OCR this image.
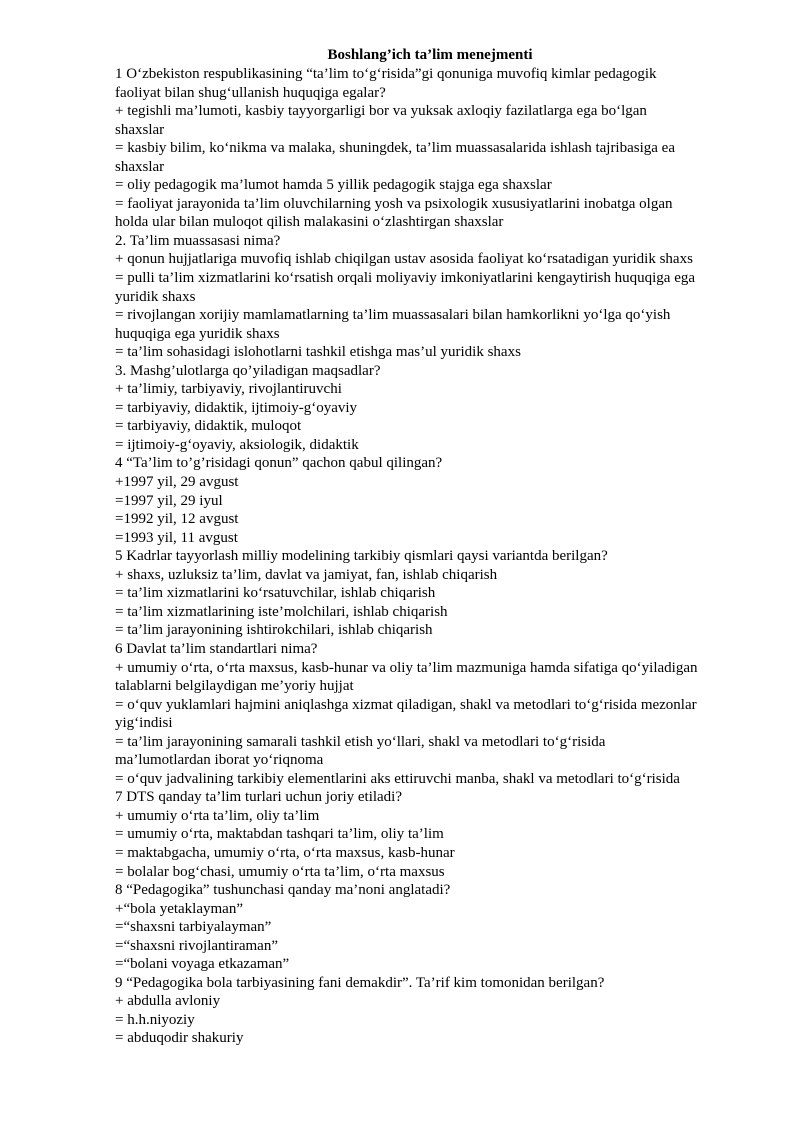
Boshlang’ich ta’lim menejmenti

1 O‘zbekiston respublikasining “ta’lim to‘g‘risida”gi qonuniga muvofiq kimlar pedagogik

faoliyat bilan shug‘ullanish huquqiga egalar?

+ tegishli ma’lumoti, kasbiy tayyorgarligi bor va yuksak axloqiy fazilatlarga ega bo‘lgan

shaxslar

= kasbiy bilim, ko‘nikma va malaka, shuningdek, ta’lim muassasalarida ishlash tajribasiga ea

shaxslar

= oliy pedagogik ma’lumot hamda 5 yillik pedagogik stajga ega shaxslar

= faoliyat jarayonida ta’lim oluvchilarning yosh va psixologik xususiyatlarini inobatga olgan

holda ular bilan muloqot qilish malakasini o‘zlashtirgan shaxslar

2. Ta’lim muassasasi nima?

+ qonun hujjatlariga muvofiq ishlab chiqilgan ustav asosida faoliyat ko‘rsatadigan yuridik shaxs

= pulli ta’lim xizmatlarini ko‘rsatish orqali moliyaviy imkoniyatlarini kengaytirish huquqiga ega

yuridik shaxs

= rivojlangan xorijiy mamlamatlarning ta’lim muassasalari bilan hamkorlikni yo‘lga qo‘yish

huquqiga ega yuridik shaxs

= ta’lim sohasidagi islohotlarni tashkil etishga mas’ul yuridik shaxs

3. Mashg’ulotlarga qo’yiladigan maqsadlar?

+ ta’limiy, tarbiyaviy, rivojlantiruvchi

= tarbiyaviy, didaktik, ijtimoiy-g‘oyaviy

= tarbiyaviy, didaktik, muloqot

= ijtimoiy-g‘oyaviy, aksiologik, didaktik

4 “Ta’lim to’g’risidagi qonun” qachon qabul qilingan?

+1997 yil, 29 avgust

=1997 yil, 29 iyul

=1992 yil, 12 avgust

=1993 yil, 11 avgust

5 Kadrlar tayyorlash milliy modelining tarkibiy qismlari qaysi variantda berilgan?

+ shaxs, uzluksiz ta’lim, davlat va jamiyat, fan, ishlab chiqarish

= ta’lim xizmatlarini ko‘rsatuvchilar, ishlab chiqarish

= ta’lim xizmatlarining iste’molchilari, ishlab chiqarish

= ta’lim jarayonining ishtirokchilari, ishlab chiqarish

6 Davlat ta’lim standartlari nima?

+ umumiy o‘rta, o‘rta maxsus, kasb-hunar va oliy ta’lim mazmuniga hamda sifatiga qo‘yiladigan

talablarni belgilaydigan me’yoriy hujjat

= o‘quv yuklamlari hajmini aniqlashga xizmat qiladigan, shakl va metodlari to‘g‘risida mezonlar

yig‘indisi

= ta’lim jarayonining samarali tashkil etish yo‘llari, shakl va metodlari to‘g‘risida

ma’lumotlardan iborat yo‘riqnoma

= o‘quv jadvalining tarkibiy elementlarini aks ettiruvchi manba, shakl va metodlari to‘g‘risida

7 DTS qanday ta’lim turlari uchun joriy etiladi?

+ umumiy o‘rta ta’lim, oliy ta’lim

= umumiy o‘rta, maktabdan tashqari ta’lim, oliy ta’lim

= maktabgacha, umumiy o‘rta, o‘rta maxsus, kasb-hunar

= bolalar bog‘chasi, umumiy o‘rta ta’lim, o‘rta maxsus

8 “Pedagogika” tushunchasi qanday ma’noni anglatadi?

+“bola yetaklayman”

=“shaxsni tarbiyalayman”

=“shaxsni rivojlantiraman”

=“bolani voyaga etkazaman”

9 “Pedagogika bola tarbiyasining fani demakdir”. Ta’rif kim tomonidan berilgan?

+ abdulla avloniy

= h.h.niyoziy

= abduqodir shakuriy
